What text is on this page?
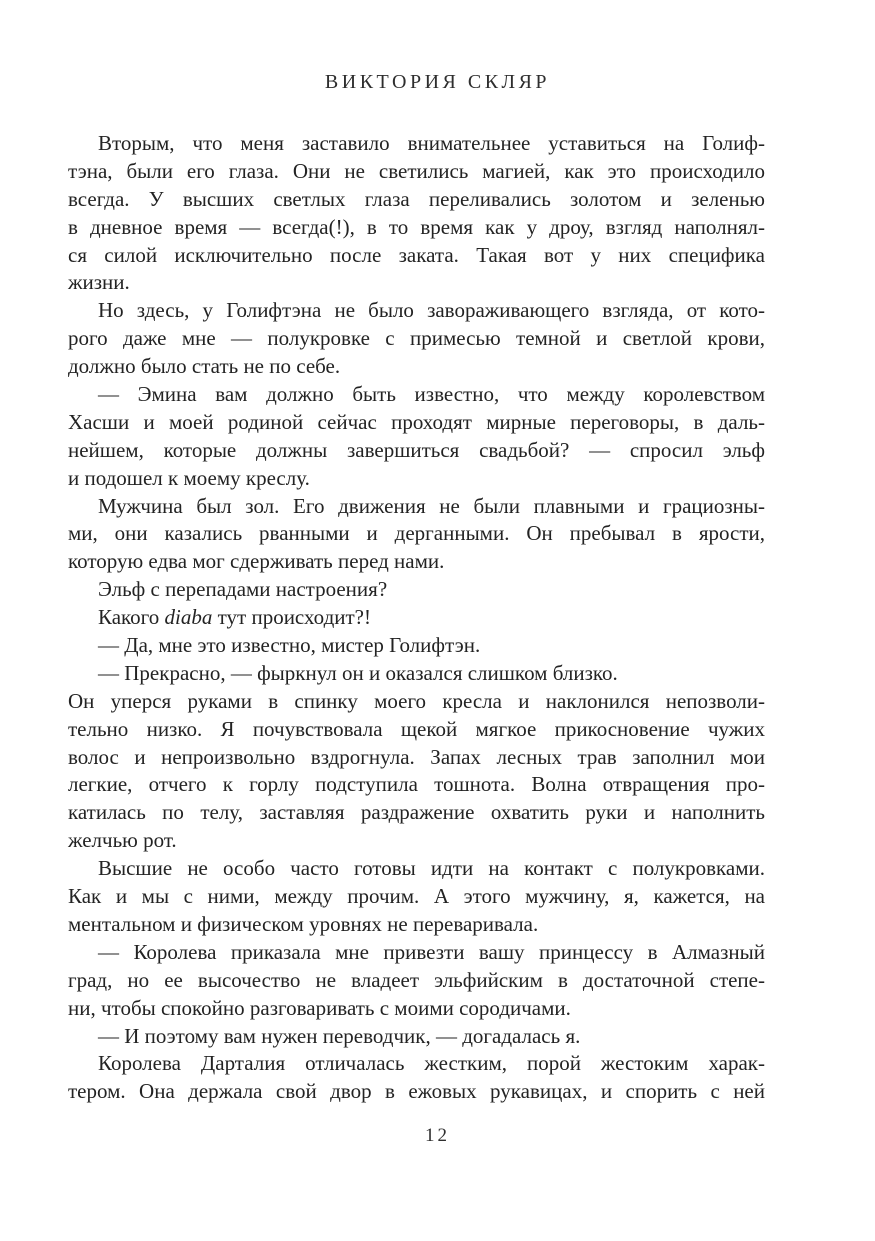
ВИКТОРИЯ СКЛЯР
Вторым, что меня заставило внимательнее уставиться на Голиф-
тэна, были его глаза. Они не светились магией, как это происходило
всегда. У высших светлых глаза переливались золотом и зеленью
в дневное время — всегда(!), в то время как у дроу, взгляд наполнял-
ся силой исключительно после заката. Такая вот у них специфика
жизни.
Но здесь, у Голифтэна не было завораживающего взгляда, от кото-
рого даже мне — полукровке с примесью темной и светлой крови,
должно было стать не по себе.
— Эмина вам должно быть известно, что между королевством
Хасши и моей родиной сейчас проходят мирные переговоры, в даль-
нейшем, которые должны завершиться свадьбой? — спросил эльф
и подошел к моему креслу.
Мужчина был зол. Его движения не были плавными и грациозны-
ми, они казались рванными и дерганными. Он пребывал в ярости,
которую едва мог сдерживать перед нами.
Эльф с перепадами настроения?
Какого diaba тут происходит?!
— Да, мне это известно, мистер Голифтэн.
— Прекрасно, — фыркнул он и оказался слишком близко.
Он уперся руками в спинку моего кресла и наклонился непозволи-
тельно низко. Я почувствовала щекой мягкое прикосновение чужих
волос и непроизвольно вздрогнула. Запах лесных трав заполнил мои
легкие, отчего к горлу подступила тошнота. Волна отвращения про-
катилась по телу, заставляя раздражение охватить руки и наполнить
желчью рот.
Высшие не особо часто готовы идти на контакт с полукровками.
Как и мы с ними, между прочим. А этого мужчину, я, кажется, на
ментальном и физическом уровнях не переваривала.
— Королева приказала мне привезти вашу принцессу в Алмазный
град, но ее высочество не владеет эльфийским в достаточной степе-
ни, чтобы спокойно разговаривать с моими сородичами.
— И поэтому вам нужен переводчик, — догадалась я.
Королева Дарталия отличалась жестким, порой жестоким харак-
тером. Она держала свой двор в ежовых рукавицах, и спорить с ней
12
